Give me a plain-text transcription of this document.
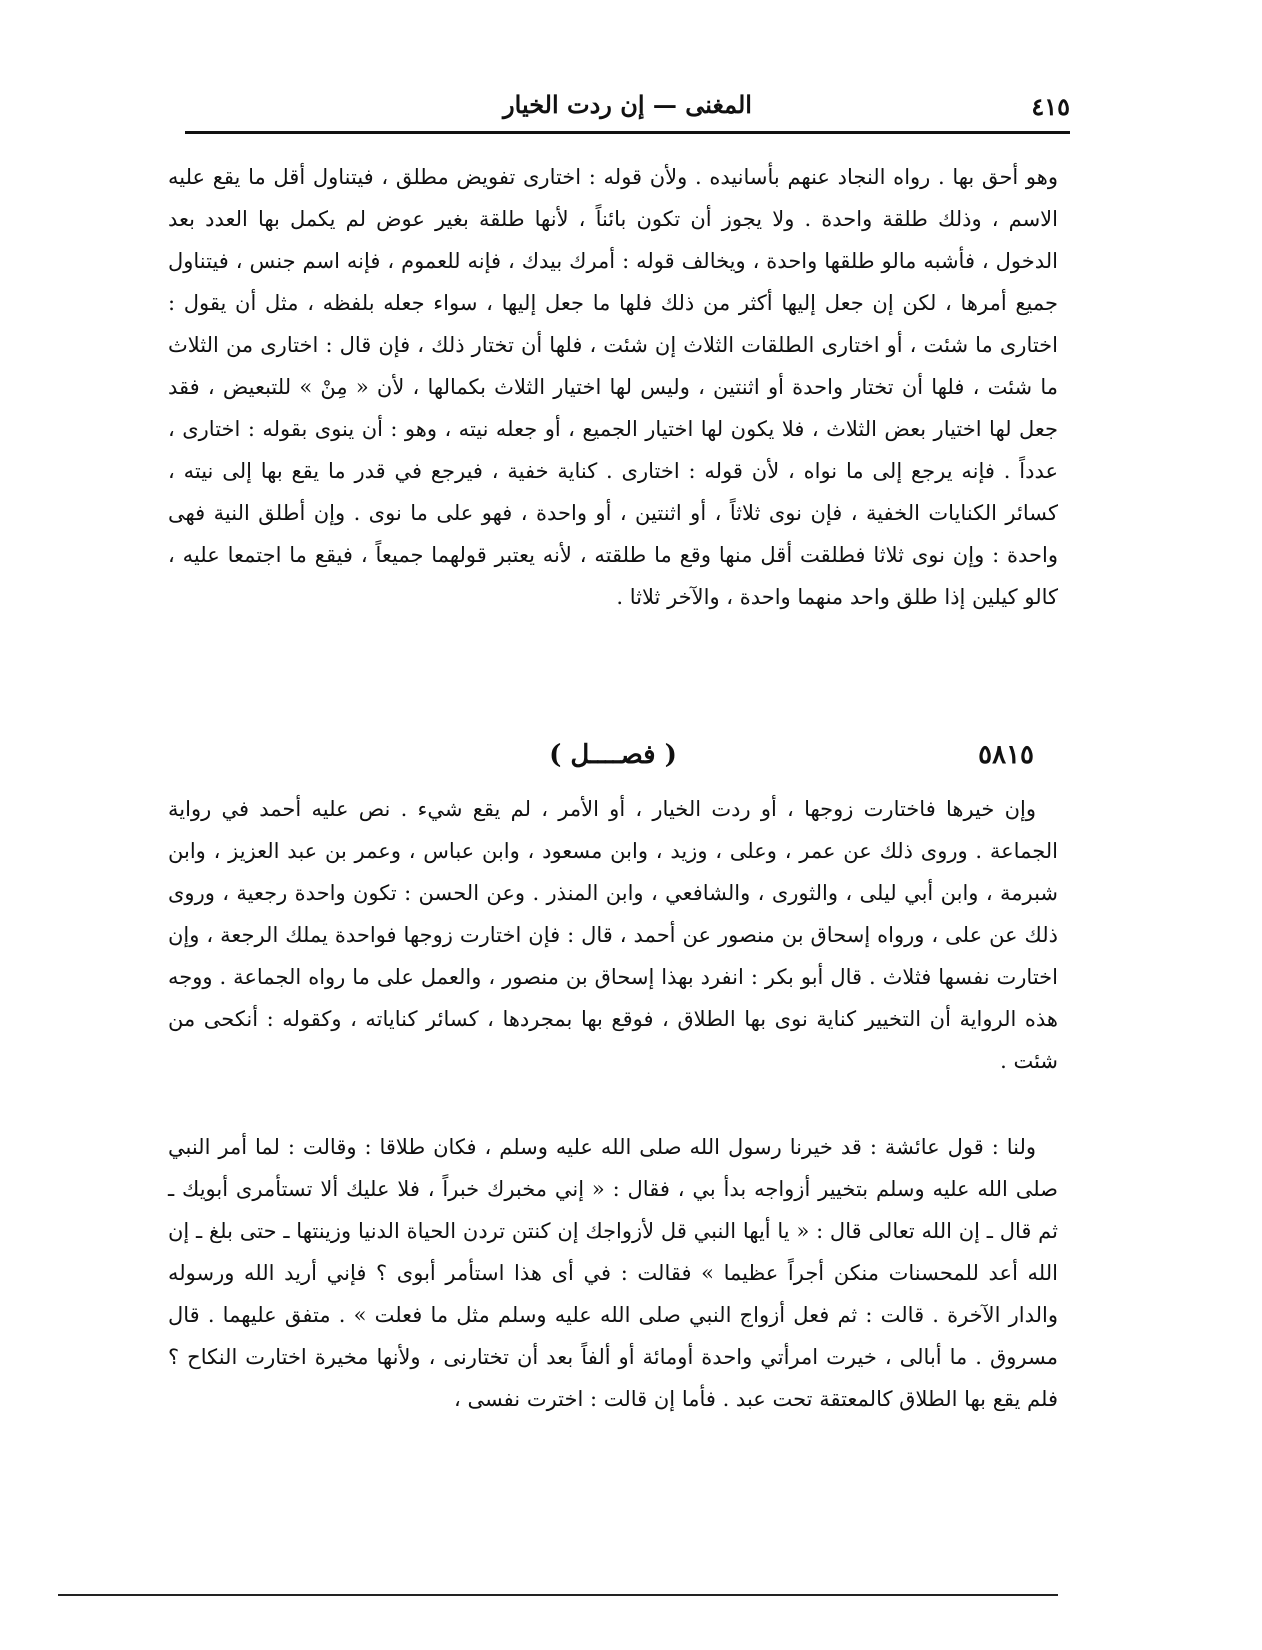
٤١٥
المغنى — إن ردت الخيار

وهو أحق بها . رواه النجاد عنهم بأسانيده . ولأن قوله : اختارى تفويض مطلق ، فيتناول أقل ما يقع عليه الاسم ، وذلك طلقة واحدة . ولا يجوز أن تكون بائناً ، لأنها طلقة بغير عوض لم يكمل بها العدد بعد الدخول ، فأشبه مالو طلقها واحدة ، ويخالف قوله : أمرك بيدك ، فإنه للعموم ، فإنه اسم جنس ، فيتناول جميع أمرها ، لكن إن جعل إليها أكثر من ذلك فلها ما جعل إليها ، سواء جعله بلفظه ، مثل أن يقول : اختارى ما شئت ، أو اختارى الطلقات الثلاث إن شئت ، فلها أن تختار ذلك ، فإن قال : اختارى من الثلاث ما شئت ، فلها أن تختار واحدة أو اثنتين ، وليس لها اختيار الثلاث بكمالها ، لأن « مِنْ » للتبعيض ، فقد جعل لها اختيار بعض الثلاث ، فلا يكون لها اختيار الجميع ، أو جعله نيته ، وهو : أن ينوى بقوله : اختارى ، عدداً . فإنه يرجع إلى ما نواه ، لأن قوله : اختارى . كناية خفية ، فيرجع في قدر ما يقع بها إلى نيته ، كسائر الكنايات الخفية ، فإن نوى ثلاثاً ، أو اثنتين ، أو واحدة ، فهو على ما نوى . وإن أطلق النية فهى واحدة : وإن نوى ثلاثا فطلقت أقل منها وقع ما طلقته ، لأنه يعتبر قولهما جميعاً ، فيقع ما اجتمعا عليه ، كالو كيلين إذا طلق واحد منهما واحدة ، والآخر ثلاثا .

٥٨١٥
( فصــــل )

وإن خيرها فاختارت زوجها ، أو ردت الخيار ، أو الأمر ، لم يقع شيء . نص عليه أحمد في رواية الجماعة . وروى ذلك عن عمر ، وعلى ، وزيد ، وابن مسعود ، وابن عباس ، وعمر بن عبد العزيز ، وابن شبرمة ، وابن أبي ليلى ، والثورى ، والشافعي ، وابن المنذر . وعن الحسن : تكون واحدة رجعية ، وروى ذلك عن على ، ورواه إسحاق بن منصور عن أحمد ، قال : فإن اختارت زوجها فواحدة يملك الرجعة ، وإن اختارت نفسها فثلاث . قال أبو بكر : انفرد بهذا إسحاق بن منصور ، والعمل على ما رواه الجماعة . ووجه هذه الرواية أن التخيير كناية نوى بها الطلاق ، فوقع بها بمجردها ، كسائر كناياته ، وكقوله : أنكحى من شئت .

ولنا : قول عائشة : قد خيرنا رسول الله صلى الله عليه وسلم ، فكان طلاقا : وقالت : لما أمر النبي صلى الله عليه وسلم بتخيير أزواجه بدأ بي ، فقال : « إني مخبرك خبراً ، فلا عليك ألا تستأمرى أبويك ـ ثم قال ـ إن الله تعالى قال : « يا أيها النبي قل لأزواجك إن كنتن تردن الحياة الدنيا وزينتها ـ حتى بلغ ـ إن الله أعد للمحسنات منكن أجراً عظيما » فقالت : في أى هذا استأمر أبوى ؟ فإني أريد الله ورسوله والدار الآخرة . قالت : ثم فعل أزواج النبي صلى الله عليه وسلم مثل ما فعلت » . متفق عليهما . قال مسروق . ما أبالى ، خيرت امرأتي واحدة أومائة أو ألفاً بعد أن تختارنى ، ولأنها مخيرة اختارت النكاح ؟ فلم يقع بها الطلاق كالمعتقة تحت عبد . فأما إن قالت : اخترت نفسى ،
